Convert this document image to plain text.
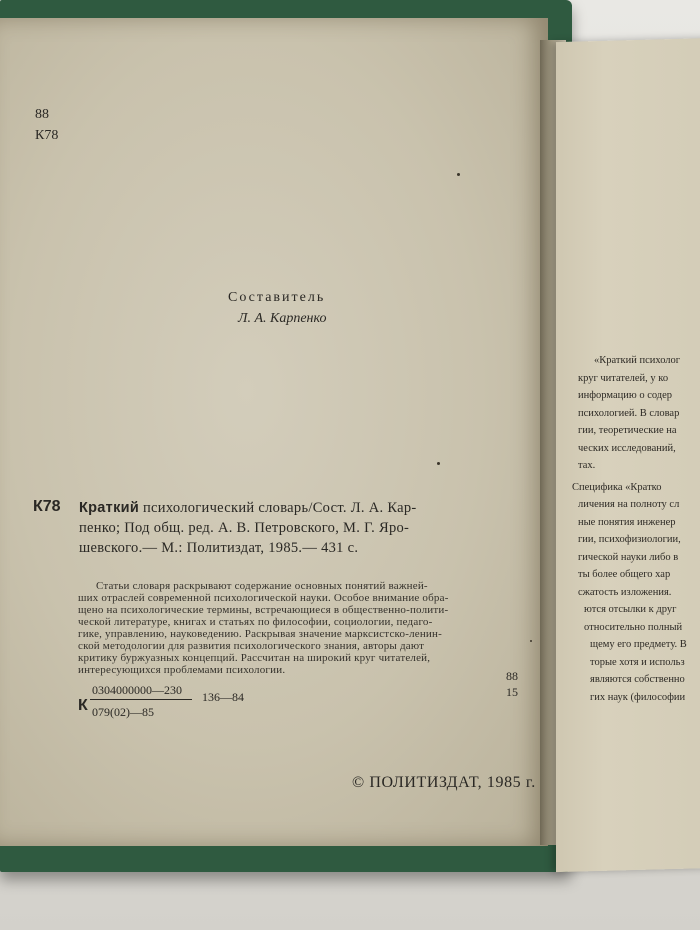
88
К78
Составитель
Л. А. Карпенко
К78 Краткий психологический словарь/Сост. Л. А. Кар-
пенко; Под общ. ред. А. В. Петровского, М. Г. Яро-
шевского.— М.: Политиздат, 1985.— 431 с.
Статьи словаря раскрывают содержание основных понятий важней-
ших отраслей современной психологической науки. Особое внимание обра-
щено на психологические термины, встречающиеся в общественно-полити-
ческой литературе, книгах и статьях по философии, социологии, педаго-
гике, управлению, науковедению. Раскрывая значение марксистско-ленин-
ской методологии для развития психологического знания, авторы дают
критику буржуазных концепций. Рассчитан на широкий круг читателей,
интересующихся проблемами психологии.	88
15
К
0304000000—230
079(02)—85
136—84
© ПОЛИТИЗДАТ, 1985 г.
«Краткий психолог
круг читателей, у ко
информацию о содер
психологией. В словар
гии, теоретические на
ческих исследований,
тах.
Специфика «Кратко
личения на полноту сл
ные понятия инженер
гии, психофизиологии,
гической науки либо в
ты более общего хар
сжатость изложения.
ются отсылки к друг
относительно полный
щему его предмету. В
торые хотя и использ
являются собственно
гих наук (философии
